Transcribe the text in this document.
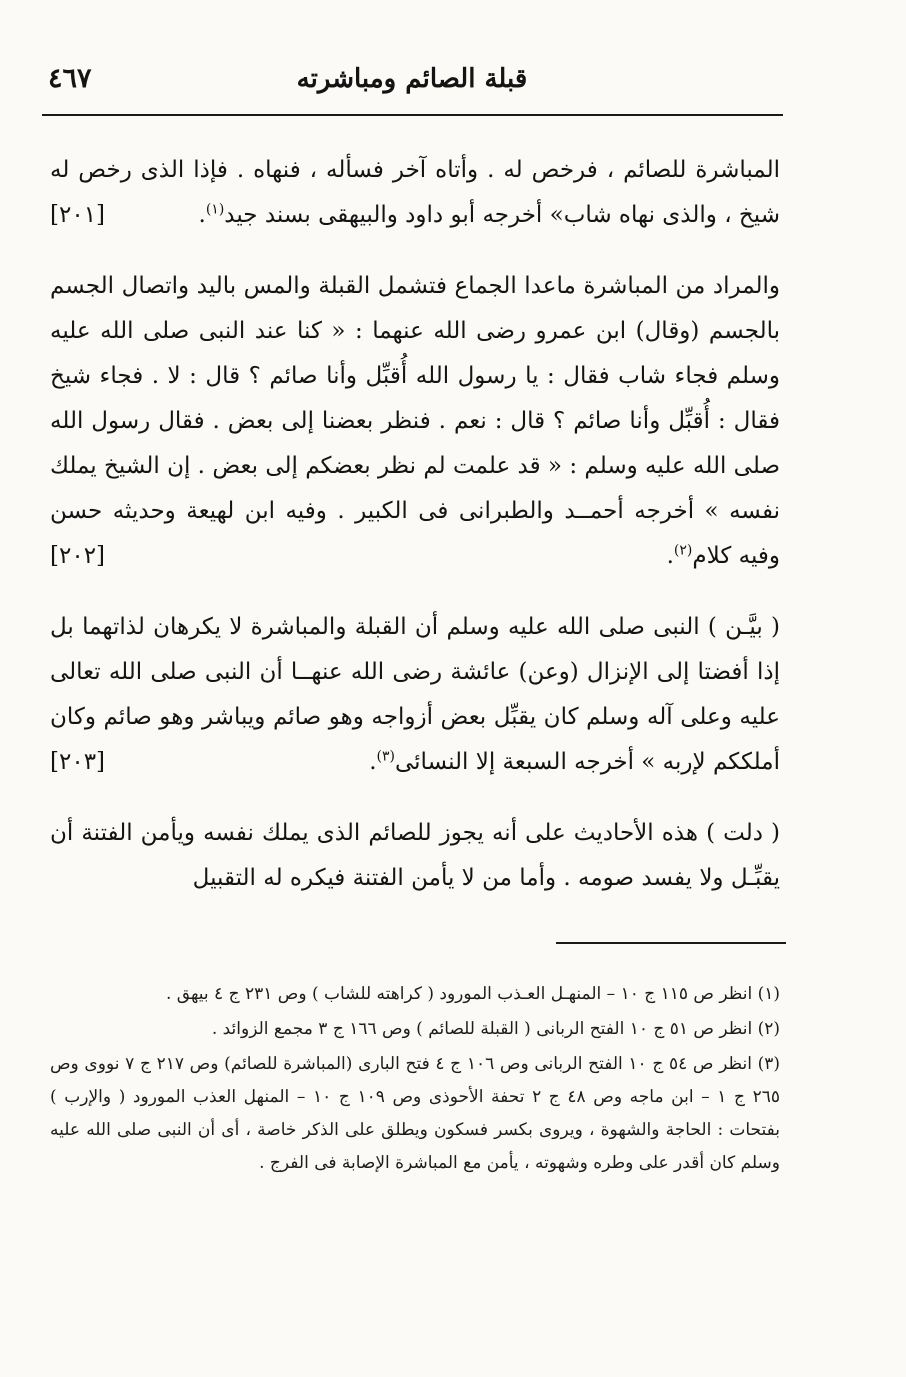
قبلة الصائم ومباشرته
٤٦٧

المباشرة للصائم ، فرخص له . وأتاه آخر فسأله ، فنهاه . فإذا الذى رخص له شيخ ، والذى نهاه شاب» أخرجه أبو داود والبيهقى بسند جيد$^{(١)}$.
[٢٠١]

والمراد من المباشرة ماعدا الجماع فتشمل القبلة والمس باليد واتصال الجسم بالجسم (وقال) ابن عمرو رضى الله عنهما : « كنا عند النبى صلى الله عليه وسلم فجاء شاب فقال : يا رسول الله أُقبِّل وأنا صائم ؟ قال : لا . فجاء شيخ فقال : أُقبِّل وأنا صائم ؟ قال : نعم . فنظر بعضنا إلى بعض . فقال رسول الله صلى الله عليه وسلم : « قد علمت لم نظر بعضكم إلى بعض . إن الشيخ يملك نفسه » أخرجه أحمــد والطبرانى فى الكبير . وفيه ابن لهيعة وحديثه حسن وفيه كلام$^{(٢)}$.
[٢٠٢]

( بيَّـن ) النبى صلى الله عليه وسلم أن القبلة والمباشرة لا يكرهان لذاتهما بل إذا أفضتا إلى الإنزال (وعن) عائشة رضى الله عنهــا أن النبى صلى الله تعالى عليه وعلى آله وسلم كان يقبِّل بعض أزواجه وهو صائم ويباشر وهو صائم وكان أملككم لإربه » أخرجه السبعة إلا النسائى$^{(٣)}$.
[٢٠٣]

( دلت ) هذه الأحاديث على أنه يجوز للصائم الذى يملك نفسه ويأمن الفتنة أن يقبِّـل ولا يفسد صومه . وأما من لا يأمن الفتنة فيكره له التقبيل

(١) انظر ص ١١٥ ج ١٠ – المنهـل العـذب المورود ( كراهته للشاب ) وص ٢٣١ ج ٤ بيهق .

(٢) انظر ص ٥١ ج ١٠ الفتح الربانى ( القبلة للصائم ) وص ١٦٦ ج ٣ مجمع الزوائد .

(٣) انظر ص ٥٤ ج ١٠ الفتح الربانى وص ١٠٦ ج ٤ فتح البارى (المباشرة للصائم) وص ٢١٧ ج ٧ نووى وص ٢٦٥ ج ١ – ابن ماجه وص ٤٨ ج ٢ تحفة الأحوذى وص ١٠٩ ج ١٠ – المنهل العذب المورود ( والإرب ) بفتحات : الحاجة والشهوة ، ويروى بكسر فسكون ويطلق على الذكر خاصة ، أى أن النبى صلى الله عليه وسلم كان أقدر على وطره وشهوته ، يأمن مع المباشرة الإصابة فى الفرج .
